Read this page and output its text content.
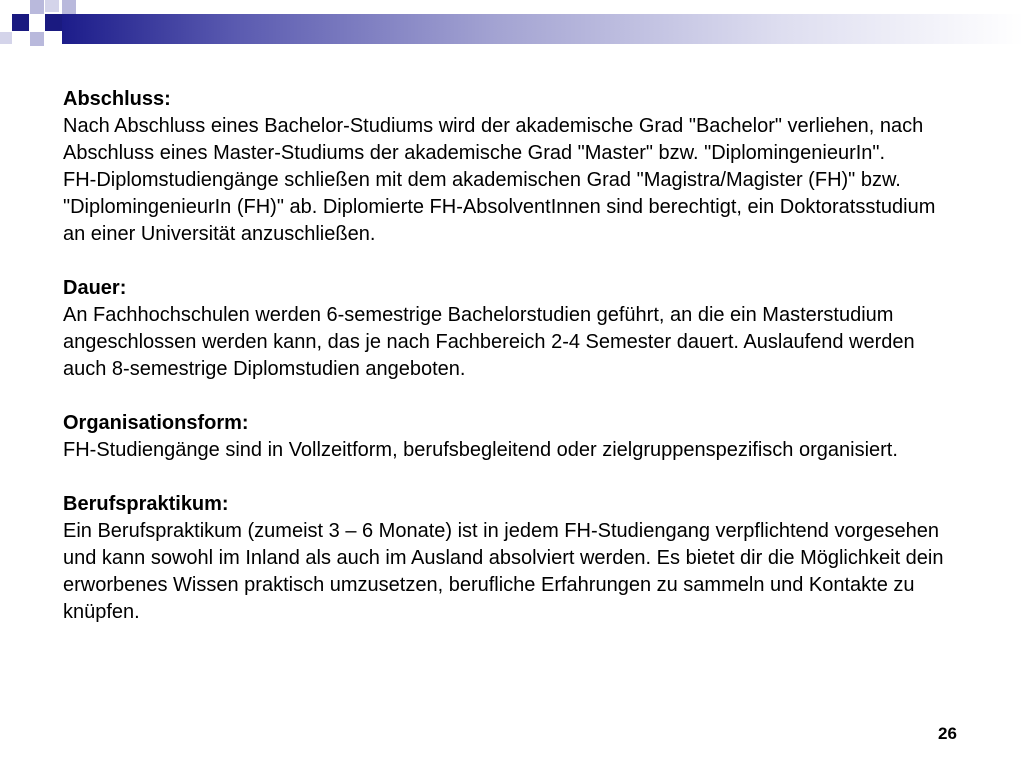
Abschluss:
Nach Abschluss eines Bachelor-Studiums wird der akademische Grad "Bachelor" verliehen, nach Abschluss eines Master-Studiums der akademische Grad "Master" bzw. "DiplomingenieurIn".
FH-Diplomstudiengänge schließen mit dem akademischen Grad "Magistra/Magister (FH)" bzw. "DiplomingenieurIn (FH)" ab. Diplomierte FH-AbsolventInnen sind berechtigt, ein Doktoratsstudium an einer Universität anzuschließen.
Dauer:
An Fachhochschulen werden 6-semestrige Bachelorstudien geführt, an die ein Masterstudium angeschlossen werden kann, das je nach Fachbereich 2-4 Semester dauert. Auslaufend werden auch 8-semestrige Diplomstudien angeboten.
Organisationsform:
FH-Studiengänge sind in Vollzeitform, berufsbegleitend oder zielgruppenspezifisch organisiert.
Berufspraktikum:
Ein Berufspraktikum (zumeist 3 – 6 Monate) ist in jedem FH-Studiengang verpflichtend vorgesehen und kann sowohl im Inland als auch im Ausland absolviert werden. Es bietet dir die Möglichkeit dein erworbenes Wissen praktisch umzusetzen, berufliche Erfahrungen zu sammeln und Kontakte zu knüpfen.
26
